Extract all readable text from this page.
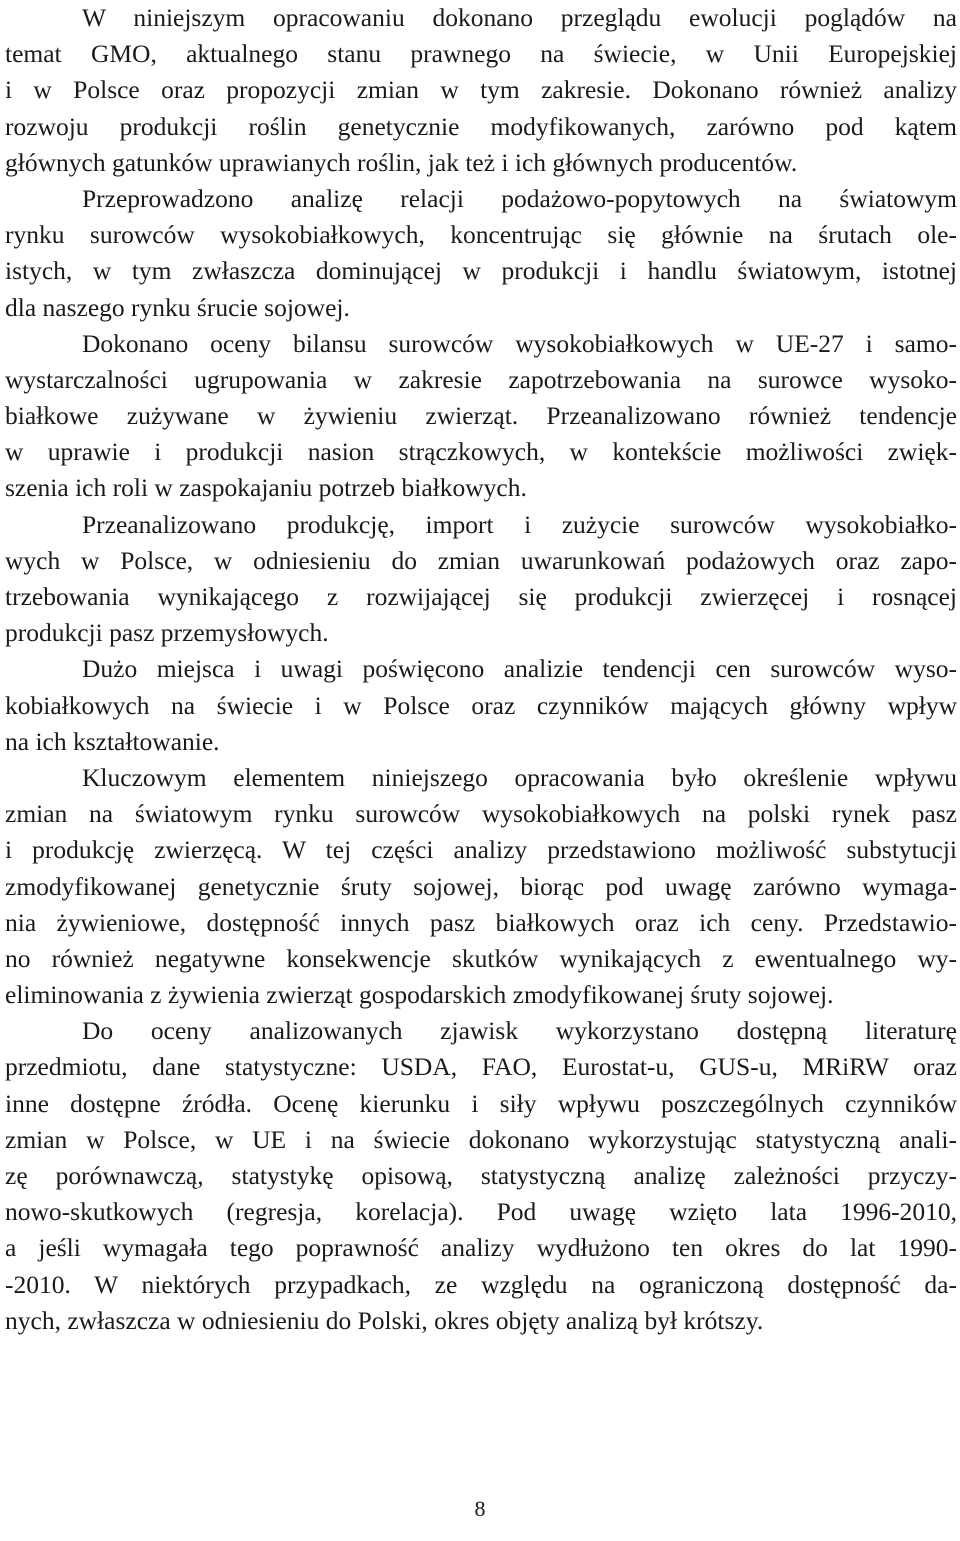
W niniejszym opracowaniu dokonano przeglądu ewolucji poglądów na
temat GMO, aktualnego stanu prawnego na świecie, w Unii Europejskiej
i w Polsce oraz propozycji zmian w tym zakresie. Dokonano również analizy
rozwoju produkcji roślin genetycznie modyfikowanych, zarówno pod kątem
głównych gatunków uprawianych roślin, jak też i ich głównych producentów.
Przeprowadzono analizę relacji podażowo-popytowych na światowym
rynku surowców wysokobiałkowych, koncentrując się głównie na śrutach ole-
istych, w tym zwłaszcza dominującej w produkcji i handlu światowym, istotnej
dla naszego rynku śrucie sojowej.
Dokonano oceny bilansu surowców wysokobiałkowych w UE-27 i samo-
wystarczalności ugrupowania w zakresie zapotrzebowania na surowce wysoko-
białkowe zużywane w żywieniu zwierząt. Przeanalizowano również tendencje
w uprawie i produkcji nasion strączkowych, w kontekście możliwości zwięk-
szenia ich roli w zaspokajaniu potrzeb białkowych.
Przeanalizowano produkcję, import i zużycie surowców wysokobiałko-
wych w Polsce, w odniesieniu do zmian uwarunkowań podażowych oraz zapo-
trzebowania wynikającego z rozwijającej się produkcji zwierzęcej i rosnącej
produkcji pasz przemysłowych.
Dużo miejsca i uwagi poświęcono analizie tendencji cen surowców wyso-
kobiałkowych na świecie i w Polsce oraz czynników mających główny wpływ
na ich kształtowanie.
Kluczowym elementem niniejszego opracowania było określenie wpływu
zmian na światowym rynku surowców wysokobiałkowych na polski rynek pasz
i produkcję zwierzęcą. W tej części analizy przedstawiono możliwość substytucji
zmodyfikowanej genetycznie śruty sojowej, biorąc pod uwagę zarówno wymaga-
nia żywieniowe, dostępność innych pasz białkowych oraz ich ceny. Przedstawio-
no również negatywne konsekwencje skutków wynikających z ewentualnego wy-
eliminowania z żywienia zwierząt gospodarskich zmodyfikowanej śruty sojowej.
Do oceny analizowanych zjawisk wykorzystano dostępną literaturę
przedmiotu, dane statystyczne: USDA, FAO, Eurostat-u, GUS-u, MRiRW oraz
inne dostępne źródła. Ocenę kierunku i siły wpływu poszczególnych czynników
zmian w Polsce, w UE i na świecie dokonano wykorzystując statystyczną anali-
zę porównawczą, statystykę opisową, statystyczną analizę zależności przyczy-
nowo-skutkowych (regresja, korelacja). Pod uwagę wzięto lata 1996-2010,
a jeśli wymagała tego poprawność analizy wydłużono ten okres do lat 1990-
-2010. W niektórych przypadkach, ze względu na ograniczoną dostępność da-
nych, zwłaszcza w odniesieniu do Polski, okres objęty analizą był krótszy.
8
